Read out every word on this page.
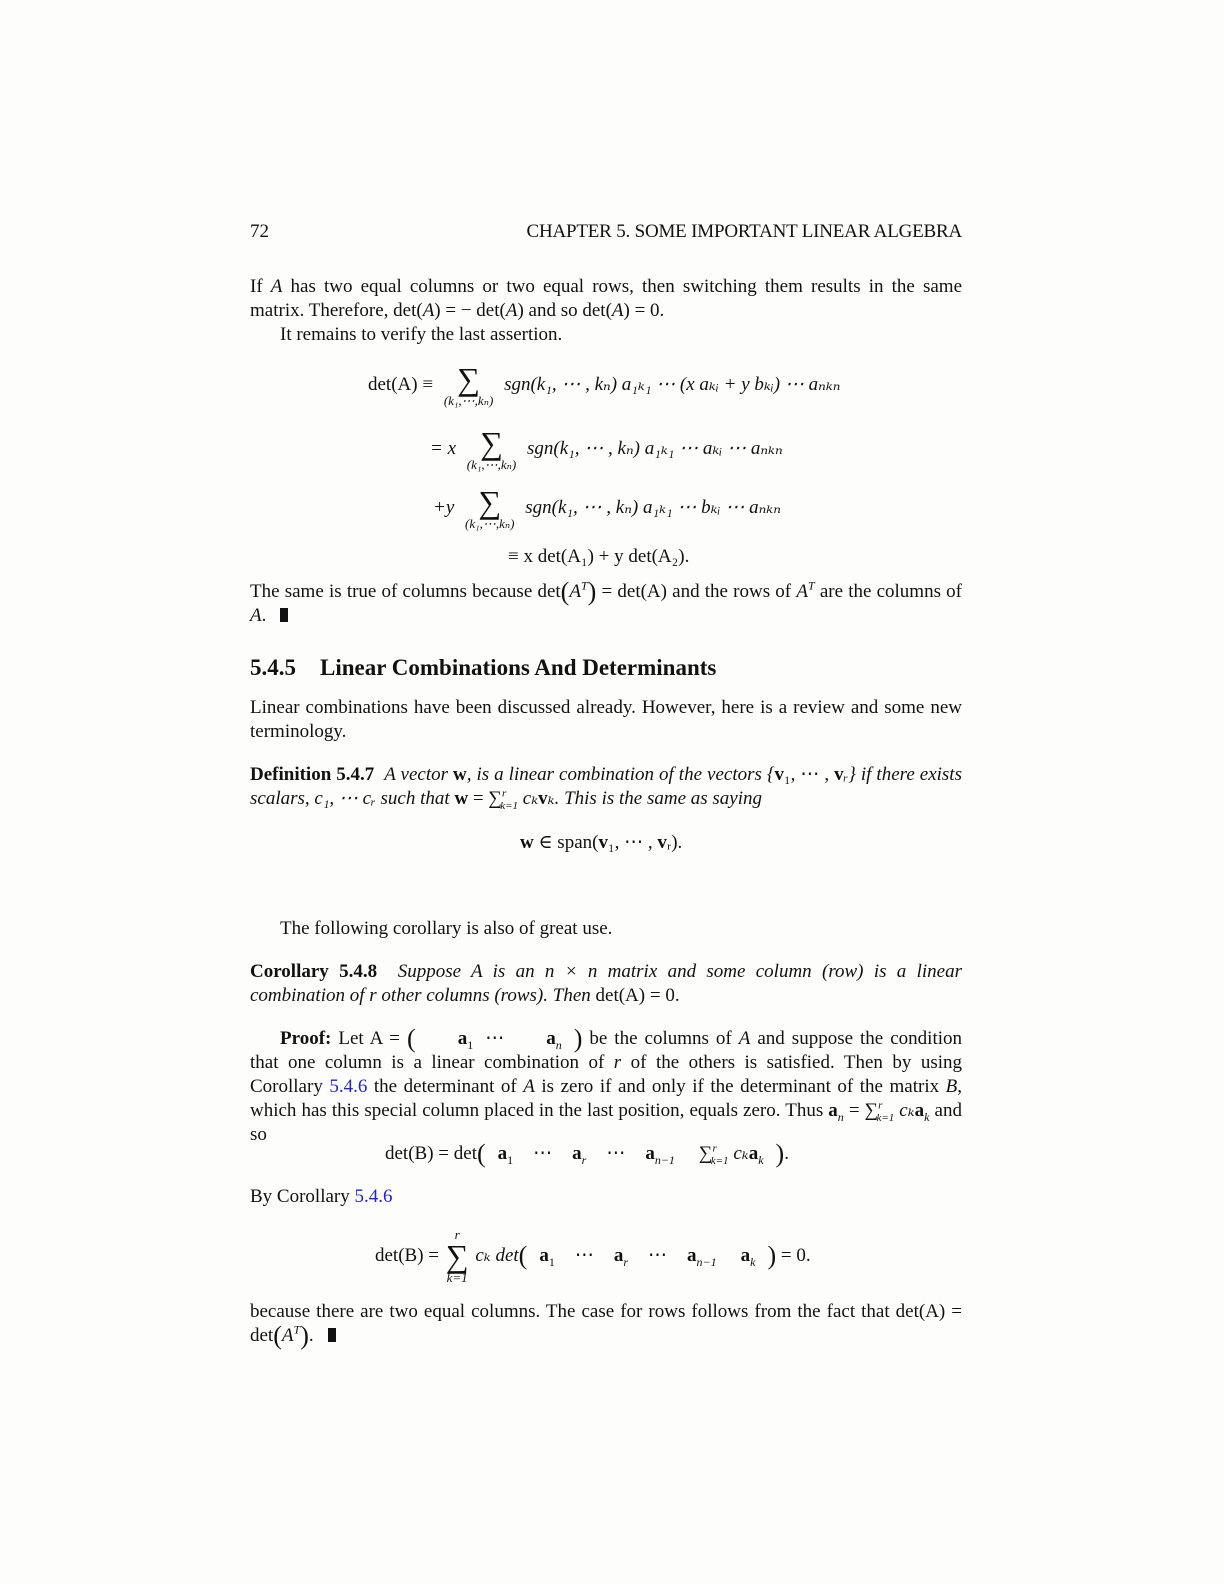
72	CHAPTER 5. SOME IMPORTANT LINEAR ALGEBRA

If A has two equal columns or two equal rows, then switching them results in the same matrix. Therefore, det(A) = − det(A) and so det(A) = 0.

It remains to verify the last assertion.

det(A) ≡ ∑
(k₁,⋯,kₙ)
sgn(k₁, ⋯ , kₙ) a₁ₖ₁ ⋯ (x aₖᵢ + y bₖᵢ) ⋯ aₙₖₙ
= x ∑
(k₁,⋯,kₙ)
sgn(k₁, ⋯ , kₙ) a₁ₖ₁ ⋯ aₖᵢ ⋯ aₙₖₙ
+y ∑
(k₁,⋯,kₙ)
sgn(k₁, ⋯ , kₙ) a₁ₖ₁ ⋯ bₖᵢ ⋯ aₙₖₙ
≡ x det(A₁) + y det(A₂).

The same is true of columns because $\det(A^T) = \det(A)$ and the rows of $A^T$ are the columns of A.

5.4.5 Linear Combinations And Determinants

Linear combinations have been discussed already. However, here is a review and some new terminology.

Definition 5.4.7 A vector w, is a linear combination of the vectors {v₁, ⋯ , vᵣ} if there exists scalars, c₁, ⋯ cᵣ such that w = ∑$^r_{k=1}$ cₖvₖ. This is the same as saying

w ∈ span(v₁, ⋯ , vᵣ).

The following corollary is also of great use.

Corollary 5.4.8 Suppose A is an n × n matrix and some column (row) is a linear combination of r other columns (rows). Then det(A) = 0.

Proof: Let A = ( $a_1$ ⋯ $a_n$ ) be the columns of A and suppose the condition that one column is a linear combination of r of the others is satisfied. Then by using Corollary 5.4.6 the determinant of A is zero if and only if the determinant of the matrix B, which has this special column placed in the last position, equals zero. Thus $a_n = \sum^r_{k=1}$ cₖa$_k$ and so

det(B) = det( $a_1$ ⋯ $a_r$ ⋯ $a_{n-1}$ ∑$^r_{k=1}$ cₖa$_k$ ).
By Corollary 5.4.6
det(B) =
r
∑
k=1
cₖ det( $a_1$ ⋯ $a_r$ ⋯ $a_{n-1}$ $a_k$ ) = 0.

because there are two equal columns. The case for rows follows from the fact that $\det(A) = \det(A^T)$.
